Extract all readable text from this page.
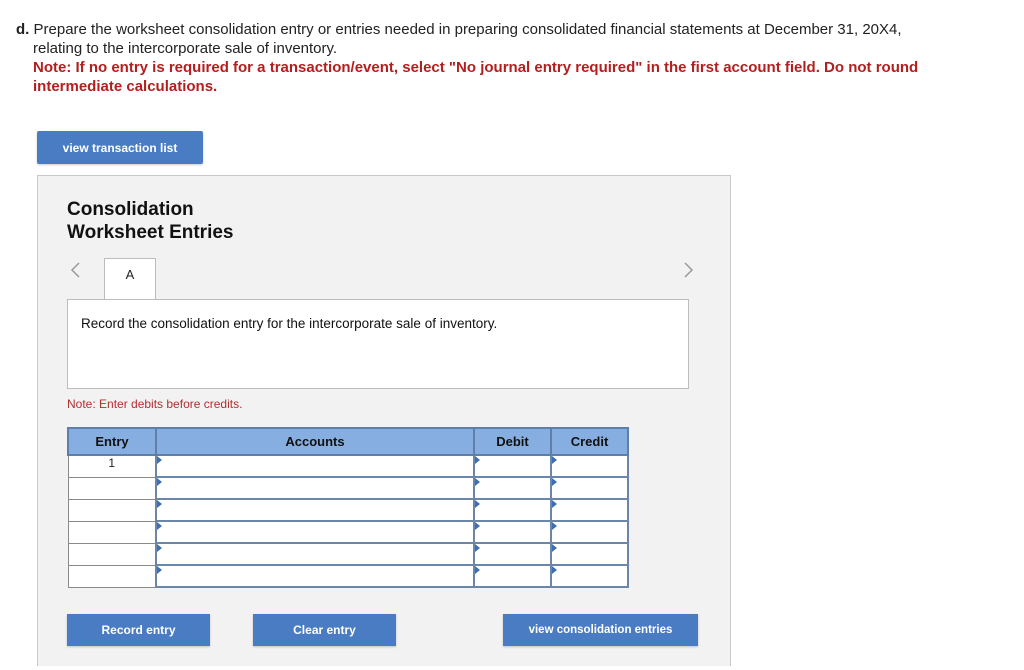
d. Prepare the worksheet consolidation entry or entries needed in preparing consolidated financial statements at December 31, 20X4,
relating to the intercorporate sale of inventory.
Note: If no entry is required for a transaction/event, select "No journal entry required" in the first account field. Do not round
intermediate calculations.
view transaction list
Consolidation
Worksheet Entries
A
Record the consolidation entry for the intercorporate sale of inventory.
Note: Enter debits before credits.
Entry	Accounts	Debit	Credit
1	

Record entry	Clear entry	view consolidation entries
